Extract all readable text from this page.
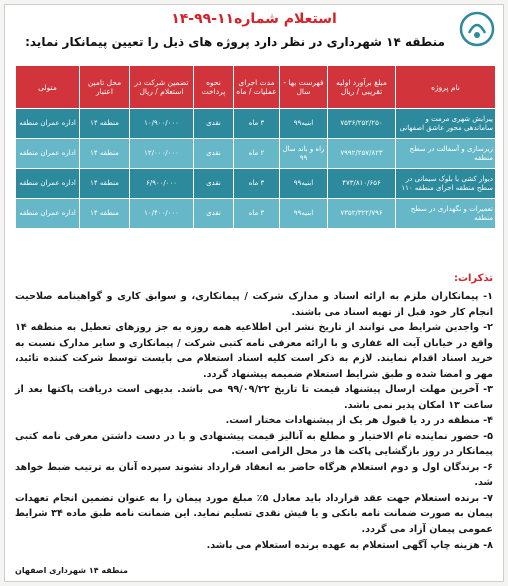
استعلام شماره۱۱-۹۹-۱۴
منطقه ۱۴ شهرداری در نظر دارد پروژه های ذیل را تعیین پیمانکار نماید:
نام پروژه	مبلغ برآورد اولیه تقریبی / ریال	فهرست بها - سال	مدت اجرای عملیات / ماه	نحوه پرداخت	تضمین شرکت در استعلام / ریال	محل تامین اعتبار	متولی
پیرایش شهری مرمت و ساماندهی محور عاشق اصفهانی	۷۵۳۶/۲۵۲/۲۵۰	ابنیه۹۹	۳ ماه	نقدی	۱۰/۹۰۰/۰۰۰	منطقه ۱۴	اداره عمران منطقه
زیرسازی و آسفالت در سطح منطقه	۷۹۹۲/۲۵۷/۸۲۳	راه و باند سال ۹۹	۲ ماه	نقدی	۱۲/۰۰۰/۰۰۰	منطقه ۱۴	اداره عمران منطقه
دیوار کشی با بلوک سیمانی در سطح منطقه اجرای منطقه ۱۱۰	۴۷۳/۸۱۰/۶۵۶	ابنیه۹۹	۳ ماه	نقدی	۶/۹۰۰/۰۰۰	منطقه ۱۴	اداره عمران منطقه
تعمیرات و نگهداری در سطح منطقه	۷۳۵۲/۳۲۲/۷۹۶	ابنیه۹۹	۳ ماه	نقدی	۱۰/۴۰۰/۰۰۰	منطقه ۱۴	اداره عمران منطقه
تذکرات:

۱- پیمانکاران ملزم به ارائه اسناد و مدارک شرکت / پیمانکاری، و سوابق کاری و گواهینامه صلاحیت انجام کار خود قبل از تهیه اسناد می باشند.

۲- واجدین شرایط می توانند از تاریخ نشر این اطلاعیه همه روزه به جز روزهای تعطیل به منطقه ۱۴ واقع در خیابان آیت اله غفاری و با ارائه معرفی نامه کتبی شرکت / پیمانکاری و سایر مدارک نسبت به خرید اسناد اقدام نمایند. لازم به ذکر است کلیه اسناد استعلام می بایست توسط شرکت کننده تائید، مهر و امضا شده و طبق شرایط استعلام ضمیمه پیشنهاد گردد.

۳- آخرین مهلت ارسال پیشنهاد قیمت تا تاریخ ۹۹/۰۹/۲۲ می باشد. بدیهی است دریافت پاکتها بعد از ساعت ۱۳ امکان پذیر نمی باشد.

۴- منطقه در رد یا قبول هر یک از پیشنهادات مختار است.

۵- حضور نماینده تام الاختیار و مطلع به آنالیز قیمت پیشنهادی و با در دست داشتن معرفی نامه کتبی پیمانکار در روز بازگشایی پاکت ها در محل الزامی است.

۶- برندگان اول و دوم استعلام هرگاه حاضر به انعقاد قرارداد نشوند سپرده آنان به ترتیب ضبط خواهد شد.

۷- برنده استعلام جهت عقد قرارداد باید معادل ۵٪ مبلغ مورد پیمان را به عنوان تضمین انجام تعهدات پیمان به صورت ضمانت نامه بانکی و یا فیش نقدی تسلیم نماید. این ضمانت نامه طبق ماده ۳۴ شرایط عمومی پیمان آزاد می گردد.

۸- هزینه چاپ آگهی استعلام به عهده برنده استعلام می باشد.

منطقه ۱۴ شهرداری اصفهان
